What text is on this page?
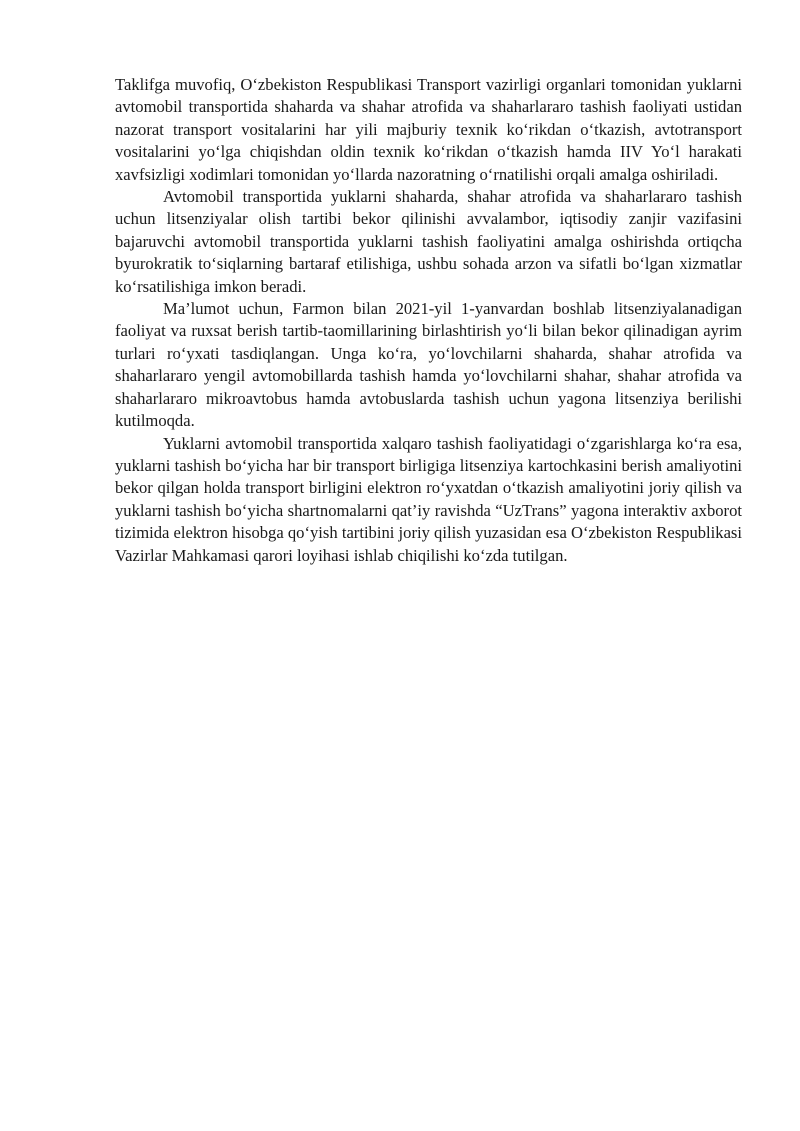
Taklifga muvofiq, O‘zbekiston Respublikasi Transport vazirligi organlari tomonidan yuklarni avtomobil transportida shaharda va shahar atrofida va shaharlararo tashish faoliyati ustidan nazorat transport vositalarini har yili majburiy texnik ko‘rikdan o‘tkazish, avtotransport vositalarini yo‘lga chiqishdan oldin texnik ko‘rikdan o‘tkazish hamda IIV Yo‘l harakati xavfsizligi xodimlari tomonidan yo‘llarda nazoratning o‘rnatilishi orqali amalga oshiriladi.

Avtomobil transportida yuklarni shaharda, shahar atrofida va shaharlararo tashish uchun litsenziyalar olish tartibi bekor qilinishi avvalambor, iqtisodiy zanjir vazifasini bajaruvchi avtomobil transportida yuklarni tashish faoliyatini amalga oshirishda ortiqcha byurokratik to‘siqlarning bartaraf etilishiga, ushbu sohada arzon va sifatli bo‘lgan xizmatlar ko‘rsatilishiga imkon beradi.

Ma’lumot uchun, Farmon bilan 2021-yil 1-yanvardan boshlab litsenziyalanadigan faoliyat va ruxsat berish tartib-taomillarining birlashtirish yo‘li bilan bekor qilinadigan ayrim turlari ro‘yxati tasdiqlangan. Unga ko‘ra, yo‘lovchilarni shaharda, shahar atrofida va shaharlararo yengil avtomobillarda tashish hamda yo‘lovchilarni shahar, shahar atrofida va shaharlararo mikroavtobus hamda avtobuslarda tashish uchun yagona litsenziya berilishi kutilmoqda.

Yuklarni avtomobil transportida xalqaro tashish faoliyatidagi o‘zgarishlarga ko‘ra esa, yuklarni tashish bo‘yicha har bir transport birligiga litsenziya kartochkasini berish amaliyotini bekor qilgan holda transport birligini elektron ro‘yxatdan o‘tkazish amaliyotini joriy qilish va yuklarni tashish bo‘yicha shartnomalarni qat’iy ravishda “UzTrans” yagona interaktiv axborot tizimida elektron hisobga qo‘yish tartibini joriy qilish yuzasidan esa O‘zbekiston Respublikasi Vazirlar Mahkamasi qarori loyihasi ishlab chiqilishi ko‘zda tutilgan.
